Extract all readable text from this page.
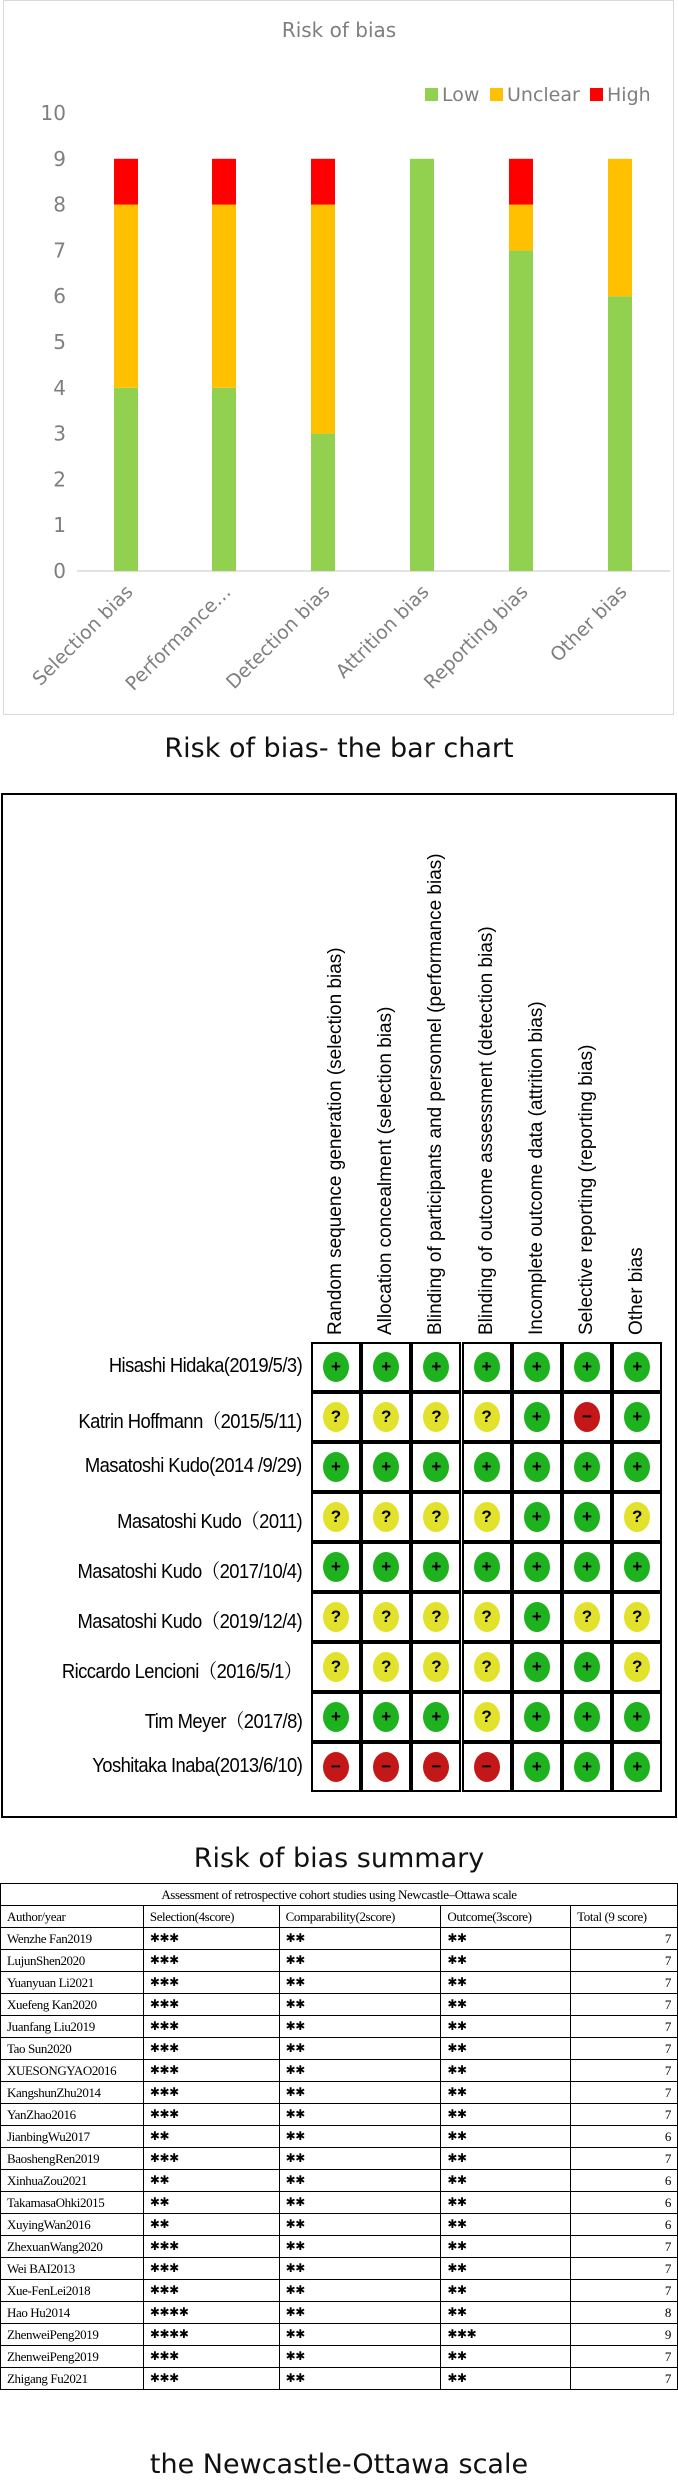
Risk of bias
Low Unclear High
0
1
2
3
4
5
6
7
8
9
10
Selection bias
Performance…
Detection bias
Attrition bias
Reporting bias Other bias
Risk of bias- the bar chart
Random sequence generation (selection bias) Allocation concealment (selection bias) Blinding of participants and personnel (performance bias) Blinding of outcome assessment (detection bias) Incomplete outcome data (attrition bias) Selective reporting (reporting bias) Other bias
Hisashi Hidaka(2019/5/3)	+	+	+	+	+	+	+
Katrin Hoffmann（2015/5/11)	?	?	?	?	+	−	+
Masatoshi Kudo(2014 /9/29)	+	+	+	+	+	+	+
Masatoshi Kudo（2011)	?	?	?	?	+	+	?
Masatoshi Kudo（2017/10/4)	+	+	+	+	+	+	+
Masatoshi Kudo（2019/12/4)	?	?	?	?	+	?	?
Riccardo Lencioni（2016/5/1）	?	?	?	?	+	+	?
Tim Meyer（2017/8)	+	+	+	?	+	+	+
Yoshitaka Inaba(2013/6/10)	−	−	−	−	+	+	+
Risk of bias summary
Assessment of retrospective cohort studies using Newcastle–Ottawa scale				
Author/year	Selection(4score)	Comparability(2score)	Outcome(3score)	Total (9 score)
Wenzhe Fan2019	✱✱✱	✱✱	✱✱	7
LujunShen2020	✱✱✱	✱✱	✱✱	7
Yuanyuan Li2021	✱✱✱	✱✱	✱✱	7
Xuefeng Kan2020	✱✱✱	✱✱	✱✱	7
Juanfang Liu2019	✱✱✱	✱✱	✱✱	7
Tao Sun2020	✱✱✱	✱✱	✱✱	7
XUESONGYAO2016	✱✱✱	✱✱	✱✱	7
KangshunZhu2014	✱✱✱	✱✱	✱✱	7
YanZhao2016	✱✱✱	✱✱	✱✱	7
JianbingWu2017	✱✱	✱✱	✱✱	6
BaoshengRen2019	✱✱✱	✱✱	✱✱	7
XinhuaZou2021	✱✱	✱✱	✱✱	6
TakamasaOhki2015	✱✱	✱✱	✱✱	6
XuyingWan2016	✱✱	✱✱	✱✱	6
ZhexuanWang2020	✱✱✱	✱✱	✱✱	7
Wei BAI2013	✱✱✱	✱✱	✱✱	7
Xue-FenLei2018	✱✱✱	✱✱	✱✱	7
Hao Hu2014	✱✱✱✱	✱✱	✱✱	8
ZhenweiPeng2019	✱✱✱✱	✱✱	✱✱✱	9
ZhenweiPeng2019	✱✱✱	✱✱	✱✱	7
Zhigang Fu2021	✱✱✱	✱✱	✱✱	7
the Newcastle-Ottawa scale
